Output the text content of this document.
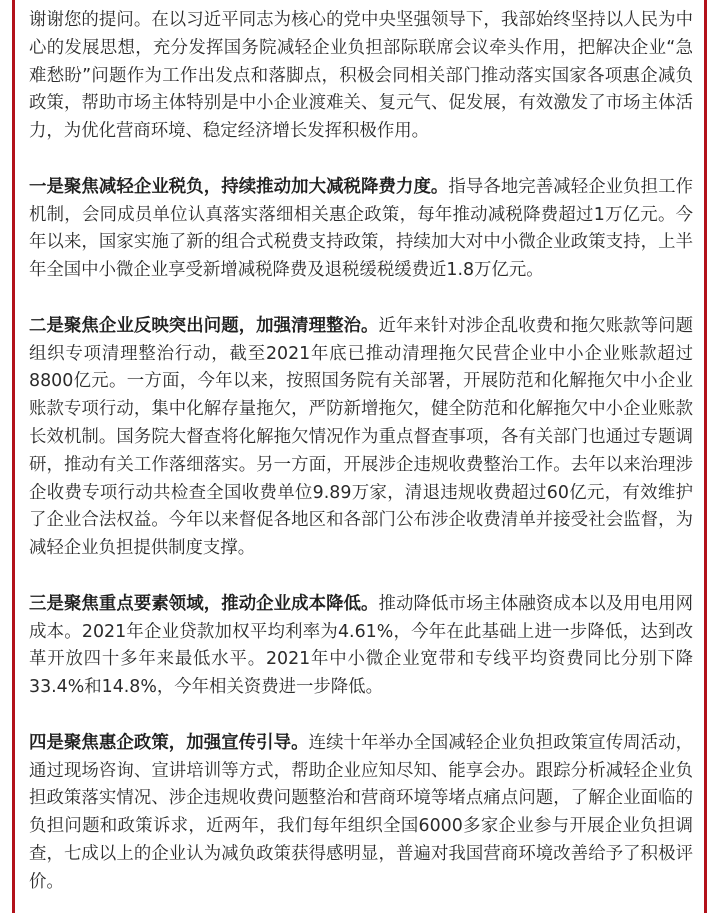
谢谢您的提问。在以习近平同志为核心的党中央坚强领导下，我部始终坚持以人民为中心的发展思想，充分发挥国务院减轻企业负担部际联席会议牵头作用，把解决企业“急难愁盼”问题作为工作出发点和落脚点，积极会同相关部门推动落实国家各项惠企减负政策，帮助市场主体特别是中小企业渡难关、复元气、促发展，有效激发了市场主体活力，为优化营商环境、稳定经济增长发挥积极作用。

一是聚焦减轻企业税负，持续推动加大减税降费力度。指导各地完善减轻企业负担工作机制，会同成员单位认真落实落细相关惠企政策，每年推动减税降费超过1万亿元。今年以来，国家实施了新的组合式税费支持政策，持续加大对中小微企业政策支持，上半年全国中小微企业享受新增减税降费及退税缓税缓费近1.8万亿元。

二是聚焦企业反映突出问题，加强清理整治。近年来针对涉企乱收费和拖欠账款等问题组织专项清理整治行动，截至2021年底已推动清理拖欠民营企业中小企业账款超过8800亿元。一方面，今年以来，按照国务院有关部署，开展防范和化解拖欠中小企业账款专项行动，集中化解存量拖欠，严防新增拖欠，健全防范和化解拖欠中小企业账款长效机制。国务院大督查将化解拖欠情况作为重点督查事项，各有关部门也通过专题调研，推动有关工作落细落实。另一方面，开展涉企违规收费整治工作。去年以来治理涉企收费专项行动共检查全国收费单位9.89万家，清退违规收费超过60亿元，有效维护了企业合法权益。今年以来督促各地区和各部门公布涉企收费清单并接受社会监督，为减轻企业负担提供制度支撑。

三是聚焦重点要素领域，推动企业成本降低。推动降低市场主体融资成本以及用电用网成本。2021年企业贷款加权平均利率为4.61%，今年在此基础上进一步降低，达到改革开放四十多年来最低水平。2021年中小微企业宽带和专线平均资费同比分别下降33.4%和14.8%，今年相关资费进一步降低。

四是聚焦惠企政策，加强宣传引导。连续十年举办全国减轻企业负担政策宣传周活动，通过现场咨询、宣讲培训等方式，帮助企业应知尽知、能享会办。跟踪分析减轻企业负担政策落实情况、涉企违规收费问题整治和营商环境等堵点痛点问题，了解企业面临的负担问题和政策诉求，近两年，我们每年组织全国6000多家企业参与开展企业负担调查，七成以上的企业认为减负政策获得感明显，普遍对我国营商环境改善给予了积极评价。
